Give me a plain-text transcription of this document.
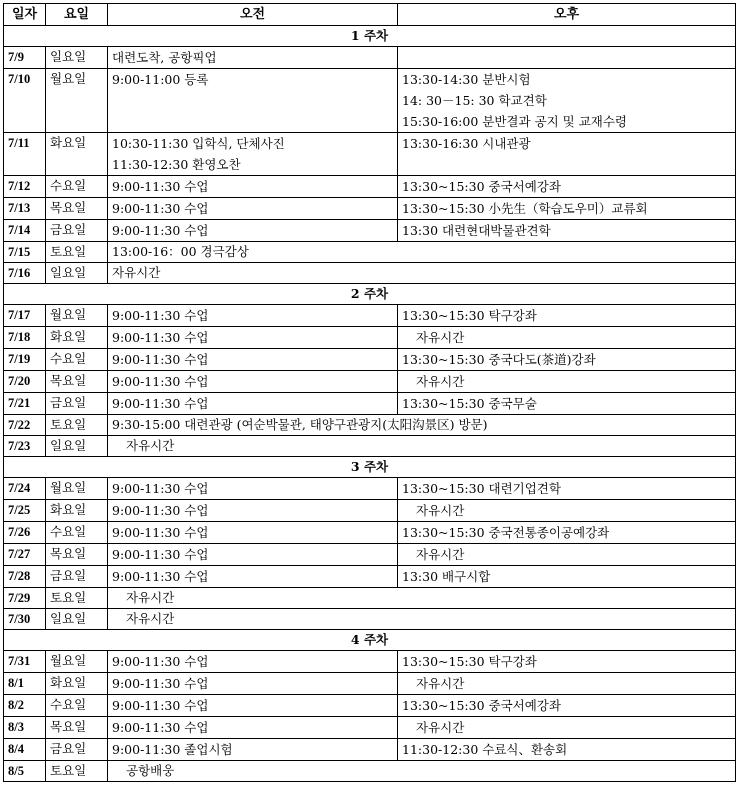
일자	요일	오전	오후
1 주차			
7/9	일요일	대련도착, 공항픽업	

7/10	월요일	9:00-11:00 등록	13:30-14:30 분반시험
14: 30－15: 30 학교견학
15:30-16:00 분반결과 공지 및 교재수령

7/11	화요일	10:30-11:30 입학식, 단체사진
11:30-12:30 환영오찬	13:30-16:30 시내관광

7/12	수요일	9:00-11:30 수업	13:30~15:30 중국서예강좌

7/13	목요일	9:00-11:30 수업	13:30~15:30 小先生（학습도우미）교류회

7/14	금요일	9:00-11:30 수업	13:30 대련현대박물관견학

7/15	토요일	13:00-16：00 경극감상	
7/16	일요일	자유시간	
2 주차			
7/17	월요일	9:00-11:30 수업	13:30~15:30 탁구강좌

7/18	화요일	9:00-11:30 수업	자유시간

7/19	수요일	9:00-11:30 수업	13:30~15:30 중국다도(茶道)강좌

7/20	목요일	9:00-11:30 수업	자유시간

7/21	금요일	9:00-11:30 수업	13:30~15:30 중국무술

7/22	토요일	9:30-15:00 대련관광 (여순박물관, 태양구관광지(太阳沟景区) 방문)	
7/23	일요일	자유시간	
3 주차			
7/24	월요일	9:00-11:30 수업	13:30~15:30 대련기업견학

7/25	화요일	9:00-11:30 수업	자유시간

7/26	수요일	9:00-11:30 수업	13:30~15:30 중국전통종이공예강좌

7/27	목요일	9:00-11:30 수업	자유시간

7/28	금요일	9:00-11:30 수업	13:30 배구시합

7/29	토요일	자유시간	
7/30	일요일	자유시간	
4 주차			
7/31	월요일	9:00-11:30 수업	13:30~15:30 탁구강좌

8/1	화요일	9:00-11:30 수업	자유시간

8/2	수요일	9:00-11:30 수업	13:30~15:30 중국서예강좌

8/3	목요일	9:00-11:30 수업	자유시간

8/4	금요일	9:00-11:30 졸업시험	11:30-12:30 수료식、환송회

8/5	토요일	공항배웅	
